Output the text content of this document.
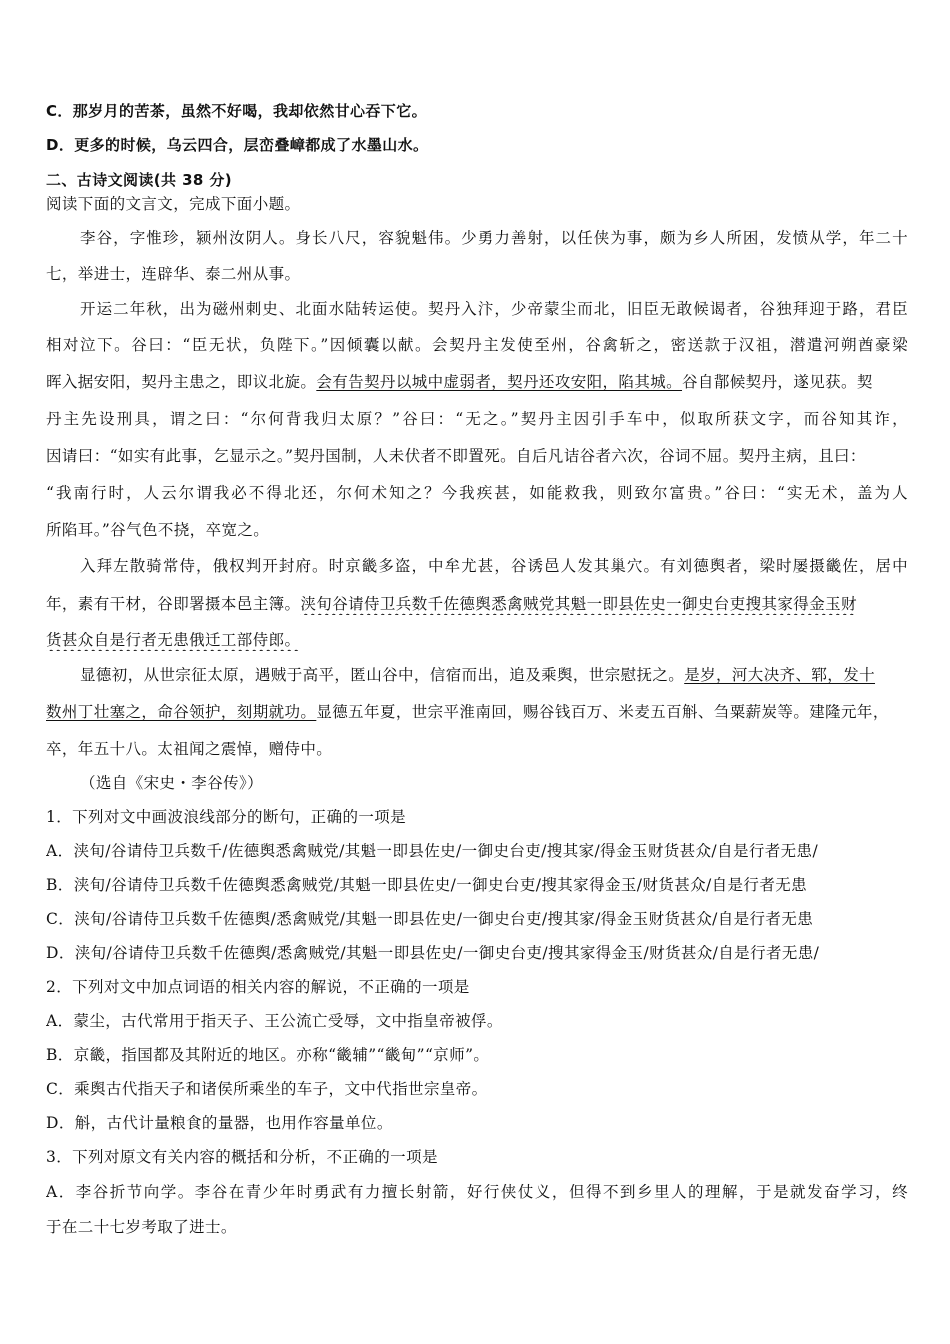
C．那岁月的苦茶，虽然不好喝，我却依然甘心吞下它。
D．更多的时候，乌云四合，层峦叠嶂都成了水墨山水。
二、古诗文阅读(共 38 分)
阅读下面的文言文，完成下面小题。
李谷，字惟珍，颍州汝阴人。身长八尺，容貌魁伟。少勇力善射，以任侠为事，颇为乡人所困，发愤从学，年二十
七，举进士，连辟华、泰二州从事。
开运二年秋，出为磁州刺史、北面水陆转运使。契丹入汴，少帝蒙尘而北，旧臣无敢候谒者，谷独拜迎于路，君臣
相对泣下。谷曰：“臣无状，负陛下。”因倾囊以献。会契丹主发使至州，谷禽斩之，密送款于汉祖，潜遣河朔酋豪梁
晖入据安阳，契丹主患之，即议北旋。会有告契丹以城中虚弱者，契丹还攻安阳，陷其城。谷自鄁候契丹，遂见获。契
丹主先设刑具，谓之曰：“尔何背我归太原？”谷曰：“无之。”契丹主因引手车中，似取所获文字，而谷知其诈，
因请曰：“如实有此事，乞显示之。”契丹国制，人未伏者不即置死。自后凡诘谷者六次，谷词不屈。契丹主病，且曰：
“我南行时，人云尔谓我必不得北还，尔何术知之？今我疾甚，如能救我，则致尔富贵。”谷曰：“实无术，盖为人
所陷耳。”谷气色不挠，卒宽之。
入拜左散骑常侍，俄权判开封府。时京畿多盗，中牟尤甚，谷诱邑人发其巢穴。有刘德舆者，梁时屡摄畿佐，居中
年，素有干材，谷即署摄本邑主簿。浃旬谷请侍卫兵数千佐德舆悉禽贼党其魁一即县佐史一御史台吏搜其家得金玉财
货甚众自是行者无患俄迁工部侍郎。
显德初，从世宗征太原，遇贼于高平，匿山谷中，信宿而出，追及乘舆，世宗慰抚之。是岁，河大决齐、郓，发十
数州丁壮塞之，命谷领护，刻期就功。显德五年夏，世宗平淮南回，赐谷钱百万、米麦五百斛、刍粟薪炭等。建隆元年，
卒，年五十八。太祖闻之震悼，赠侍中。
（选自《宋史・李谷传》）
1．下列对文中画波浪线部分的断句，正确的一项是
A．浃旬/谷请侍卫兵数千/佐德舆悉禽贼党/其魁一即县佐史/一御史台吏/搜其家/得金玉财货甚众/自是行者无患/
B．浃旬/谷请侍卫兵数千佐德舆悉禽贼党/其魁一即县佐史/一御史台吏/搜其家得金玉/财货甚众/自是行者无患
C．浃旬/谷请侍卫兵数千佐德舆/悉禽贼党/其魁一即县佐史/一御史台吏/搜其家/得金玉财货甚众/自是行者无患
D．浃旬/谷请侍卫兵数千佐德舆/悉禽贼党/其魁一即县佐史/一御史台吏/搜其家得金玉/财货甚众/自是行者无患/
2．下列对文中加点词语的相关内容的解说，不正确的一项是
A．蒙尘，古代常用于指天子、王公流亡受辱，文中指皇帝被俘。
B．京畿，指国都及其附近的地区。亦称“畿辅”“畿甸”“京师”。
C．乘舆古代指天子和诸侯所乘坐的车子，文中代指世宗皇帝。
D．斛，古代计量粮食的量器，也用作容量单位。
3．下列对原文有关内容的概括和分析，不正确的一项是
A．李谷折节向学。李谷在青少年时勇武有力擅长射箭，好行侠仗义，但得不到乡里人的理解，于是就发奋学习，终
于在二十七岁考取了进士。
